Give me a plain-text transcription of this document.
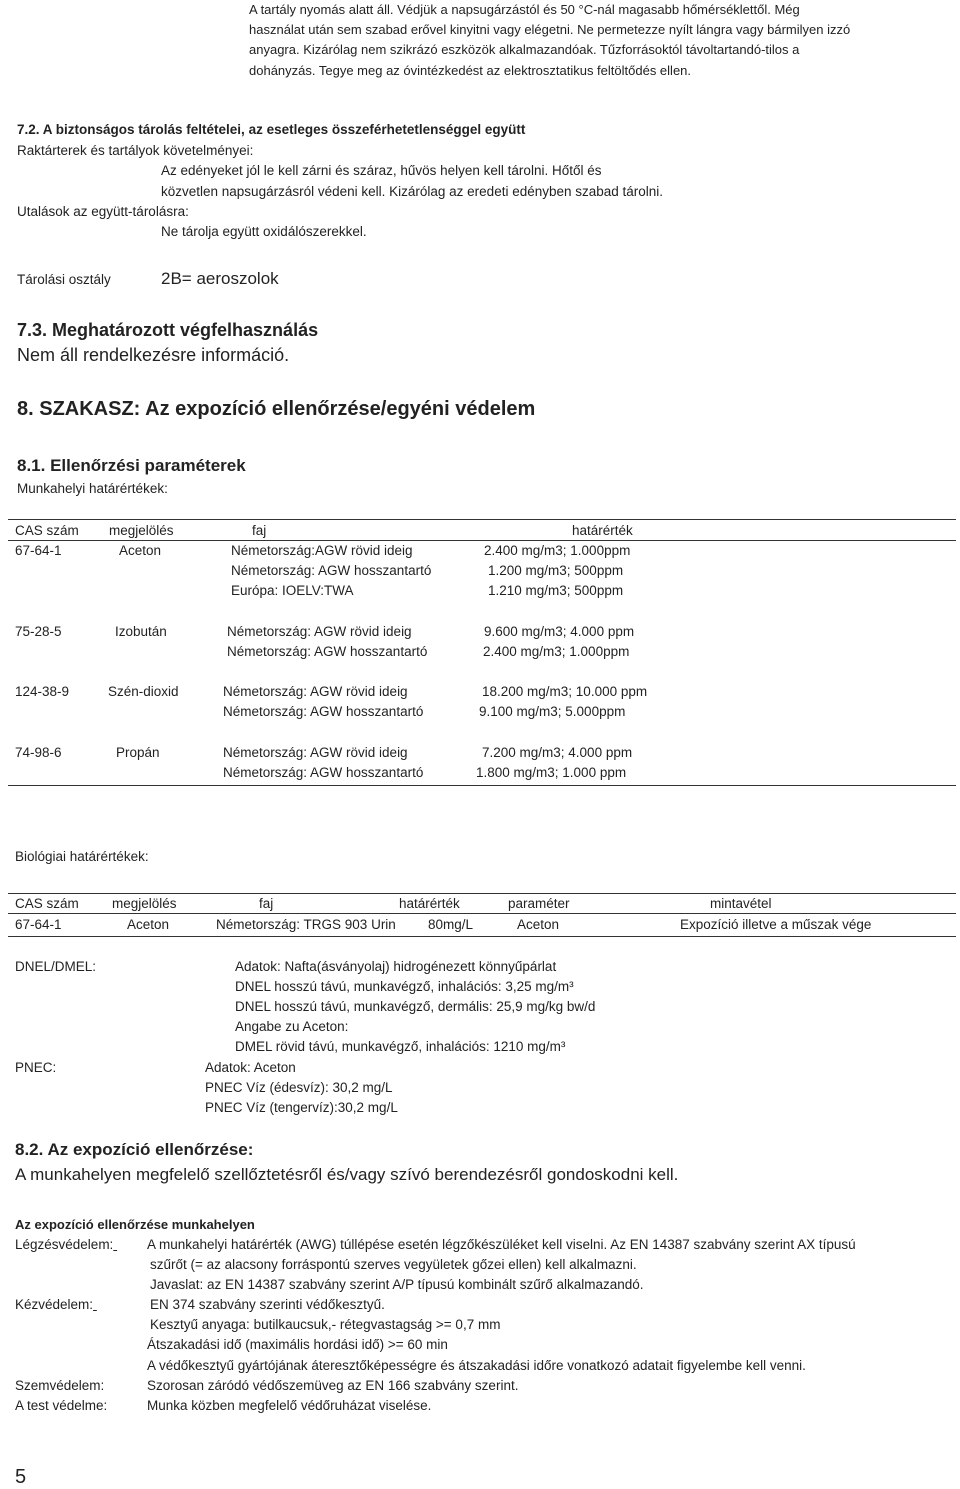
A tartály nyomás alatt áll. Védjük a napsugárzástól és 50 °C-nál magasabb hőmérséklettől. Még
használat után sem szabad erővel kinyitni vagy elégetni. Ne permetezze nyílt lángra vagy bármilyen izzó
anyagra. Kizárólag nem szikrázó eszközök alkalmazandóak. Tűzforrásoktól távoltartandó-tilos a
dohányzás. Tegye meg az óvintézkedést az elektrosztatikus feltöltődés ellen.
7.2. A biztonságos tárolás feltételei, az esetleges összeférhetetlenséggel együtt
Raktárterek és tartályok követelményei:
Az edényeket jól le kell zárni és száraz, hűvös helyen kell tárolni. Hőtől és
közvetlen napsugárzásról védeni kell. Kizárólag az eredeti edényben szabad tárolni.
Utalások az együtt-tárolásra:
Ne tárolja együtt oxidálószerekkel.
Tárolási osztály	2B= aeroszolok
7.3. Meghatározott végfelhasználás
Nem áll rendelkezésre információ.
8. SZAKASZ: Az expozíció ellenőrzése/egyéni védelem
8.1. Ellenőrzési paraméterek
Munkahelyi határértékek:
CAS szám megjelölés	faj	határérték
67-64-1	Aceton	Németország:AGW rövid ideig	2.400 mg/m3; 1.000ppm
Németország: AGW hosszantartó	1.200 mg/m3; 500ppm
Európa: IOELV:TWA	1.210 mg/m3; 500ppm
75-28-5	Izobután	Németország: AGW rövid ideig	9.600 mg/m3; 4.000 ppm
Németország: AGW hosszantartó	2.400 mg/m3; 1.000ppm
124-38-9	Szén-dioxid	Németország: AGW rövid ideig	18.200 mg/m3; 10.000 ppm
Németország: AGW hosszantartó	9.100 mg/m3; 5.000ppm
74-98-6	Propán	Németország: AGW rövid ideig	7.200 mg/m3; 4.000 ppm
Németország: AGW hosszantartó	1.800 mg/m3; 1.000 ppm
Biológiai határértékek:
CAS szám megjelölés	faj	határérték	paraméter	mintavétel
67-64-1	Aceton	Németország: TRGS 903 Urin 80mg/L	Aceton	Expozíció illetve a műszak vége
DNEL/DMEL:	Adatok: Nafta(ásványolaj) hidrogénezett könnyűpárlat
DNEL hosszú távú, munkavégző, inhalációs: 3,25 mg/m³
DNEL hosszú távú, munkavégző, dermális: 25,9 mg/kg bw/d
Angabe zu Aceton:
DMEL rövid távú, munkavégző, inhalációs: 1210 mg/m³
PNEC:	Adatok: Aceton
PNEC Víz (édesvíz): 30,2 mg/L
PNEC Víz (tengervíz):30,2 mg/L
8.2. Az expozíció ellenőrzése:
A munkahelyen megfelelő szellőztetésről és/vagy szívó berendezésről gondoskodni kell.
Az expozíció ellenőrzése munkahelyen
Légzésvédelem: A munkahelyi határérték (AWG) túllépése esetén légzőkészüléket kell viselni. Az EN 14387 szabvány szerint AX típusú
szűrőt (= az alacsony forráspontú szerves vegyületek gőzei ellen) kell alkalmazni.
Javaslat: az EN 14387 szabvány szerint A/P típusú kombinált szűrő alkalmazandó.
Kézvédelem:	EN 374 szabvány szerinti védőkesztyű.
Kesztyű anyaga: butilkaucsuk,- rétegvastagság >= 0,7 mm
Átszakadási idő (maximális hordási idő) >= 60 min
A védőkesztyű gyártójának áteresztőképességre és átszakadási időre vonatkozó adatait figyelembe kell venni.
Szemvédelem:	Szorosan záródó védőszemüveg az EN 166 szabvány szerint.
A test védelme:	Munka közben megfelelő védőruházat viselése.
5
